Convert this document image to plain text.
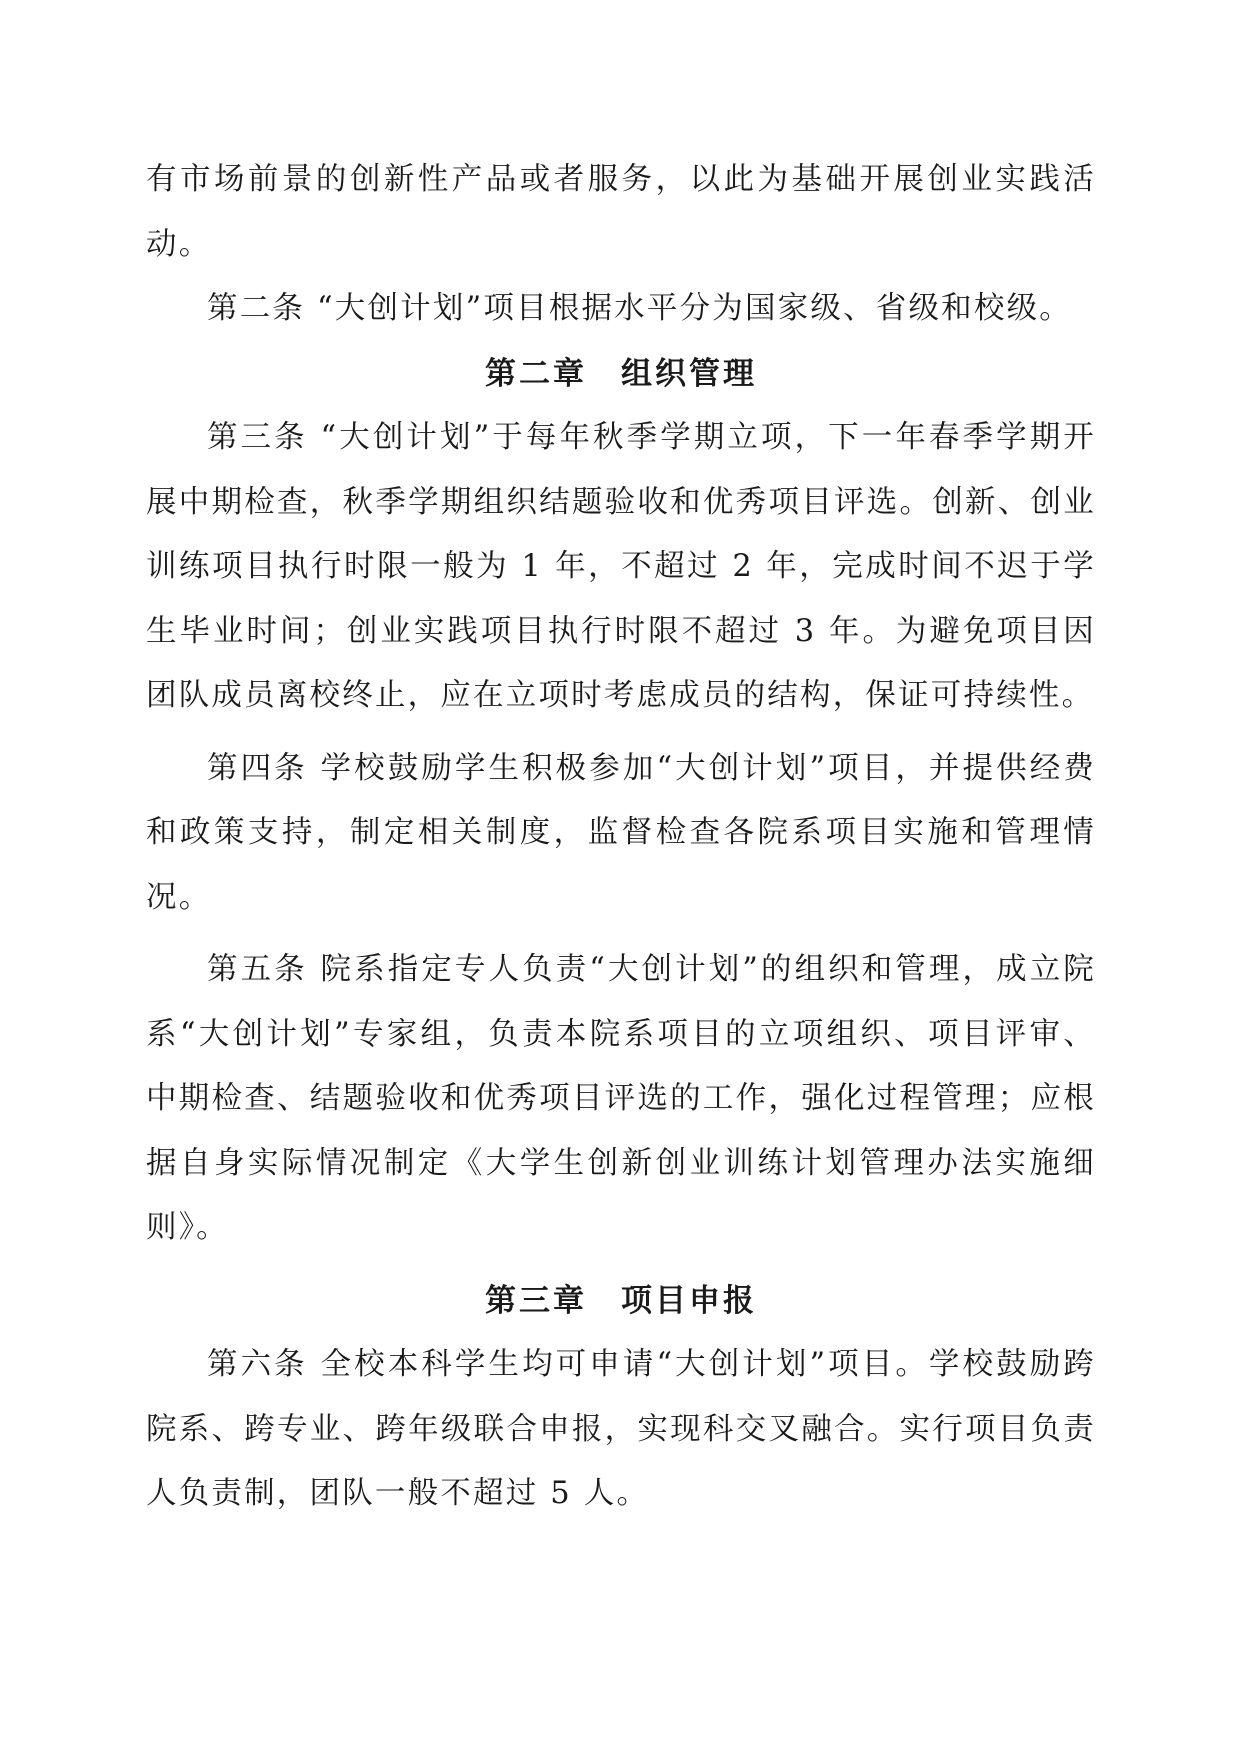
有市场前景的创新性产品或者服务，以此为基础开展创业实践活动。

第二条 “大创计划”项目根据水平分为国家级、省级和校级。

第二章 组织管理

第三条 “大创计划”于每年秋季学期立项，下一年春季学期开展中期检查，秋季学期组织结题验收和优秀项目评选。创新、创业训练项目执行时限一般为 1 年，不超过 2 年，完成时间不迟于学生毕业时间；创业实践项目执行时限不超过 3 年。为避免项目因团队成员离校终止，应在立项时考虑成员的结构，保证可持续性。

第四条 学校鼓励学生积极参加“大创计划”项目，并提供经费和政策支持，制定相关制度，监督检查各院系项目实施和管理情况。

第五条 院系指定专人负责“大创计划”的组织和管理，成立院系“大创计划”专家组，负责本院系项目的立项组织、项目评审、中期检查、结题验收和优秀项目评选的工作，强化过程管理；应根据自身实际情况制定《大学生创新创业训练计划管理办法实施细则》。

第三章 项目申报

第六条 全校本科学生均可申请“大创计划”项目。学校鼓励跨院系、跨专业、跨年级联合申报，实现科交叉融合。实行项目负责人负责制，团队一般不超过 5 人。
